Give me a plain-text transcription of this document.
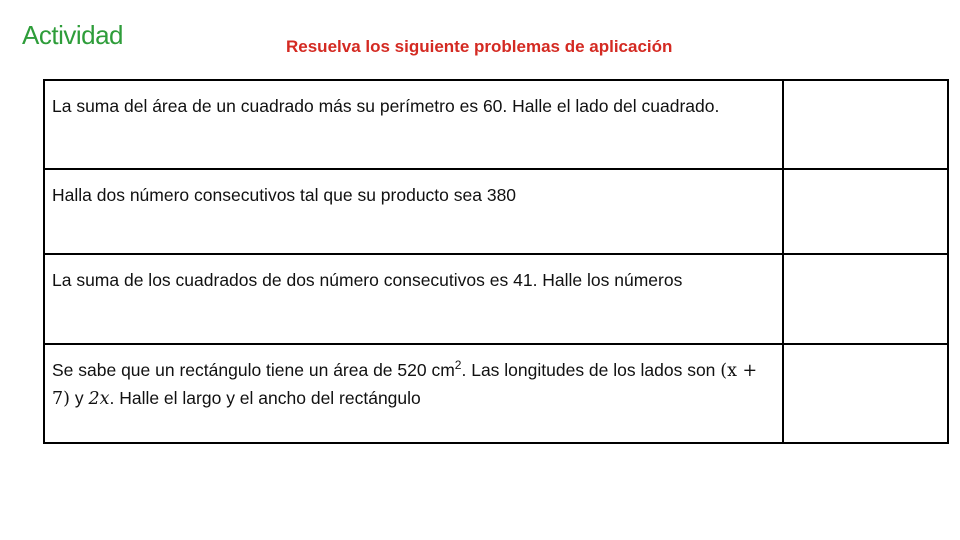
Actividad	Resuelva los siguiente problemas de aplicación
La suma del área de un cuadrado más su perímetro es 60. Halle el lado del cuadrado.	
Halla dos número consecutivos tal que su producto sea 380	
La suma de los cuadrados de dos número consecutivos es 41. Halle los números	
Se sabe que un rectángulo tiene un área de 520 $cm^2$. Las longitudes de los lados son (x + 7) y 2x. Halle el largo y el ancho del rectángulo	
